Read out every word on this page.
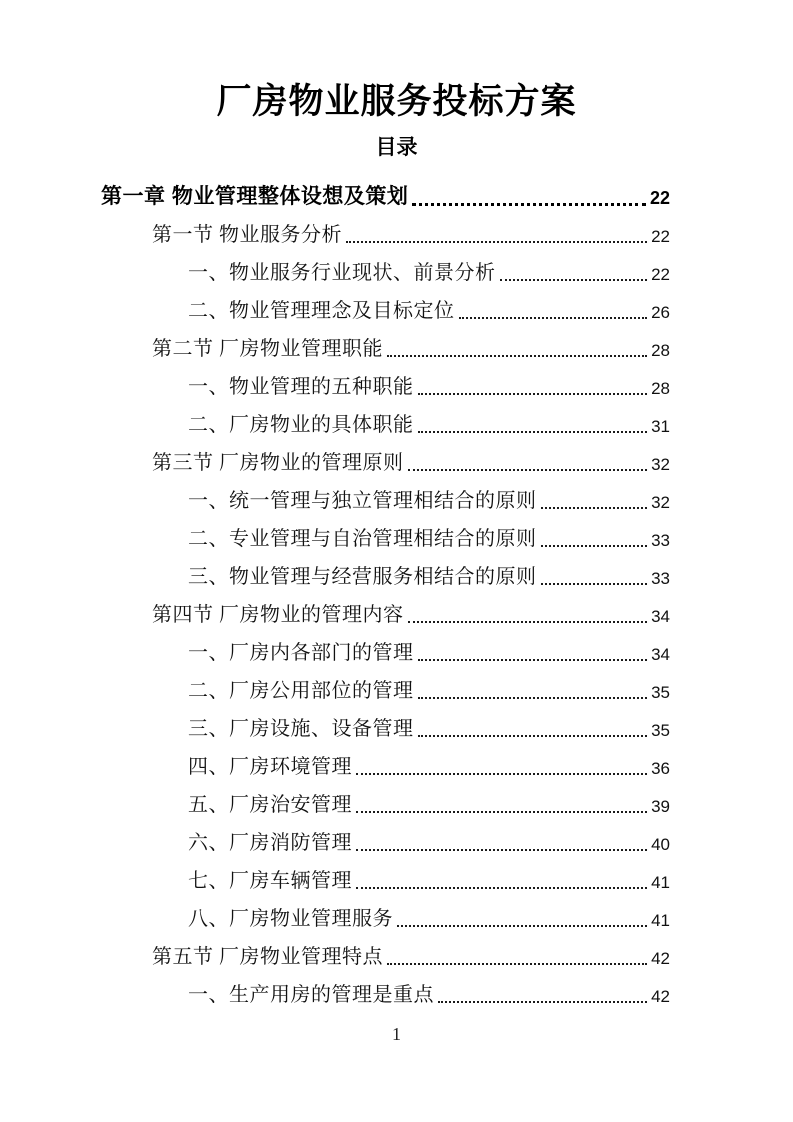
厂房物业服务投标方案
目录
第一章 物业管理整体设想及策划	22
第一节 物业服务分析	22
一、物业服务行业现状、前景分析	22
二、物业管理理念及目标定位	26
第二节 厂房物业管理职能	28
一、物业管理的五种职能	28
二、厂房物业的具体职能	31
第三节 厂房物业的管理原则	32
一、统一管理与独立管理相结合的原则	32
二、专业管理与自治管理相结合的原则	33
三、物业管理与经营服务相结合的原则	33
第四节 厂房物业的管理内容	34
一、厂房内各部门的管理	34
二、厂房公用部位的管理	35
三、厂房设施、设备管理	35
四、厂房环境管理	36
五、厂房治安管理	39
六、厂房消防管理	40
七、厂房车辆管理	41
八、厂房物业管理服务	41
第五节 厂房物业管理特点	42
一、生产用房的管理是重点	42
1
